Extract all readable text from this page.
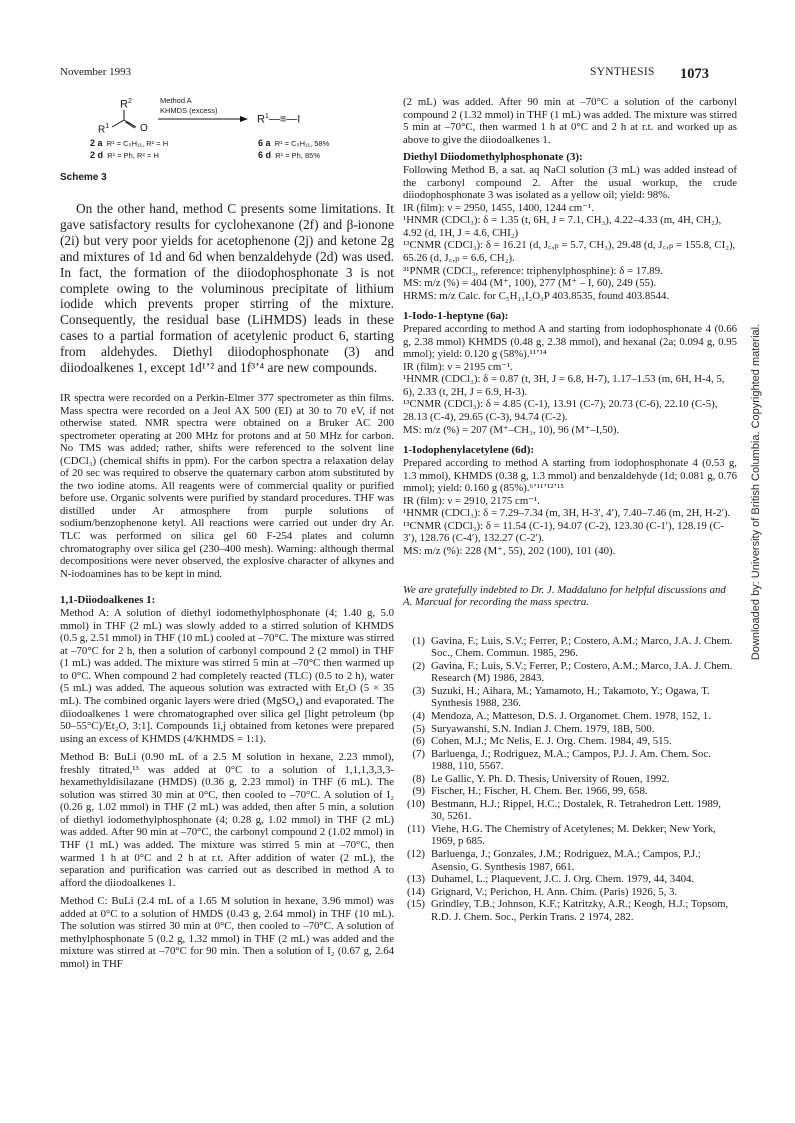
November 1993	SYNTHESIS 1073
$R^2$
$R^1$	O
Method A
KHMDS (excess)
$R^1—\equiv—I$
2 a R¹ = C₅H₁₁, R² = H
2 d R¹ = Ph, R² = H
6 a R¹ = C₅H₁₁, 58%
6 d R¹ = Ph, 85%
Scheme 3

On the other hand, method C presents some limitations. It gave satisfactory results for cyclohexanone (2f) and β-ionone (2i) but very poor yields for acetophenone (2j) and ketone 2g and mixtures of 1d and 6d when benzaldehyde (2d) was used. In fact, the formation of the diiodophosphonate 3 is not complete owing to the voluminous precipitate of lithium iodide which prevents proper stirring of the mixture. Consequently, the residual base (LiHMDS) leads in these cases to a partial formation of acetylenic product 6, starting from aldehydes. Diethyl diiodophosphonate (3) and diiodoalkenes 1, except 1d¹ʼ² and 1f³ʼ⁴ are new compounds.

IR spectra were recorded on a Perkin-Elmer 377 spectrometer as thin films. Mass spectra were recorded on a Jeol AX 500 (EI) at 30 to 70 eV, if not otherwise stated. NMR spectra were obtained on a Bruker AC 200 spectrometer operating at 200 MHz for protons and at 50 MHz for carbon. No TMS was added; rather, shifts were referenced to the solvent line (CDCl₃) (chemical shifts in ppm). For the carbon spectra a relaxation delay of 20 sec was required to observe the quaternary carbon atom substituted by the two iodine atoms. All reagents were of commercial quality or purified before use. Organic solvents were purified by standard procedures. THF was distilled under Ar atmosphere from purple solutions of sodium/benzophenone ketyl. All reactions were carried out under dry Ar. TLC was performed on silica gel 60 F-254 plates and column chromatography over silica gel (230–400 mesh). Warning: although thermal decompositions were never observed, the explosive character of alkynes and N-iodoamines has to be kept in mind.

1,1-Diiodoalkenes 1:

Method A: A solution of diethyl iodomethylphosphonate (4; 1.40 g, 5.0 mmol) in THF (2 mL) was slowly added to a stirred solution of KHMDS (0.5 g, 2.51 mmol) in THF (10 mL) cooled at –70°C. The mixture was stirred at –70°C for 2 h, then a solution of carbonyl compound 2 (2 mmol) in THF (1 mL) was added. The mixture was stirred 5 min at –70°C then warmed up to 0°C. When compound 2 had completely reacted (TLC) (0.5 to 2 h), water (5 mL) was added. The aqueous solution was extracted with Et₂O (5 × 35 mL). The combined organic layers were dried (MgSO₄) and evaporated. The diiodoalkenes 1 were chromatographed over silica gel [light petroleum (bp 50–55°C)/Et₂O, 3:1]. Compounds 1i,j obtained from ketones were prepared using an excess of KHMDS (4/KHMDS = 1:1).

Method B: BuLi (0.90 mL of a 2.5 M solution in hexane, 2.23 mmol), freshly titrated,¹³ was added at 0°C to a solution of 1,1,1,3,3,3-hexamethyldisilazane (HMDS) (0.36 g, 2.23 mmol) in THF (6 mL). The solution was stirred 30 min at 0°C, then cooled to –70°C. A solution of I₂ (0.26 g, 1.02 mmol) in THF (2 mL) was added, then after 5 min, a solution of diethyl iodomethylphosphonate (4; 0.28 g, 1.02 mmol) in THF (2 mL) was added. After 90 min at –70°C, the carbonyl compound 2 (1.02 mmol) in THF (1 mL) was added. The mixture was stirred 5 min at –70°C, then warmed 1 h at 0°C and 2 h at r.t. After addition of water (2 mL), the separation and purification was carried out as described in method A to afford the diiodoalkenes 1.

Method C: BuLi (2.4 mL of a 1.65 M solution in hexane, 3.96 mmol) was added at 0°C to a solution of HMDS (0.43 g, 2.64 mmol) in THF (10 mL). The solution was stirred 30 min at 0°C, then cooled to –70°C. A solution of methylphosphonate 5 (0.2 g, 1.32 mmol) in THF (2 mL) was added and the mixture was stirred at –70°C for 90 min. Then a solution of I₂ (0.67 g, 2.64 mmol) in THF

(2 mL) was added. After 90 min at –70°C a solution of the carbonyl compound 2 (1.32 mmol) in THF (1 mL) was added. The mixture was stirred 5 min at –70°C, then warmed 1 h at 0°C and 2 h at r.t. and worked up as above to give the diiodoalkenes 1.

Diethyl Diiodomethylphosphonate (3):

Following Method B, a sat. aq NaCl solution (3 mL) was added instead of the carbonyl compound 2. After the usual workup, the crude diiodophosphonate 3 was isolated as a yellow oil; yield: 98%.

IR (film): ν = 2950, 1455, 1400, 1244 cm⁻¹.
¹HNMR (CDCl₃): δ = 1.35 (t, 6H, J = 7.1, CH₃), 4.22–4.33 (m, 4H, CH₂), 4.92 (d, 1H, J = 4.6, CHI₂)
¹³CNMR (CDCl₃): δ = 16.21 (d, J꜀,ₚ = 5.7, CH₃), 29.48 (d, J꜀,ₚ = 155.8, CI₂), 65.26 (d, J꜀,ₚ = 6.6, CH₂).
³¹PNMR (CDCl₃, reference: triphenylphosphine): δ = 17.89.
MS: m/z (%) = 404 (M⁺, 100), 277 (M⁺ – I, 60), 249 (55).
HRMS: m/z Calc. for C₅H₁₁I₂O₃P 403.8535, found 403.8544.
1-Iodo-1-heptyne (6a):

Prepared according to method A and starting from iodophosphonate 4 (0.66 g, 2.38 mmol) KHMDS (0.48 g, 2.38 mmol), and hexanal (2a; 0.094 g, 0.95 mmol); yield: 0.120 g (58%).¹¹ʼ¹⁴

IR (film): ν = 2195 cm⁻¹.
¹HNMR (CDCl₃): δ = 0.87 (t, 3H, J = 6.8, H-7), 1.17–1.53 (m, 6H, H-4, 5, 6), 2.33 (t, 2H, J = 6.9, H-3).
¹³CNMR (CDCl₃): δ = 4.85 (C-1), 13.91 (C-7), 20.73 (C-6), 22.10 (C-5), 28.13 (C-4), 29.65 (C-3), 94.74 (C-2).
MS: m/z (%) = 207 (M⁺–CH₃, 10), 96 (M⁺–I,50).
1-Iodophenylacetylene (6d):

Prepared according to method A starting from iodophosphonate 4 (0.53 g, 1.3 mmol), KHMDS (0.38 g, 1.3 mmol) and benzaldehyde (1d; 0.081 g, 0.76 mmol); yield: 0.160 g (85%).⁶ʼ¹¹ʼ¹²ʼ¹⁵

IR (film): ν = 2910, 2175 cm⁻¹.
¹HNMR (CDCl₃): δ = 7.29–7.34 (m, 3H, H-3ʹ, 4ʹ), 7.40–7.46 (m, 2H, H-2ʹ).
¹³CNMR (CDCl₃): δ = 11.54 (C-1), 94.07 (C-2), 123.30 (C-1ʹ), 128.19 (C-3ʹ), 128.76 (C-4ʹ), 132.27 (C-2ʹ).
MS: m/z (%): 228 (M⁺, 55), 202 (100), 101 (40).
We are gratefully indebted to Dr. J. Maddaluno for helpful discussions and A. Marcual for recording the mass spectra.
(1) Gavina, F.; Luis, S.V.; Ferrer, P.; Costero, A.M.; Marco, J.A. J. Chem. Soc., Chem. Commun. 1985, 296.
(2) Gavina, F.; Luis, S.V.; Ferrer, P.; Costero, A.M.; Marco, J.A. J. Chem. Research (M) 1986, 2843.
(3) Suzuki, H.; Aihara, M.; Yamamoto, H.; Takamoto, Y.; Ogawa, T. Synthesis 1988, 236.
(4) Mendoza, A.; Matteson, D.S. J. Organomet. Chem. 1978, 152, 1.
(5) Suryawanshi, S.N. Indian J. Chem. 1979, 18B, 500.
(6) Cohen, M.J.; Mc Nelis, E. J. Org. Chem. 1984, 49, 515.
(7) Barluenga, J.; Rodriguez, M.A.; Campos, P.J. J. Am. Chem. Soc. 1988, 110, 5567.
(8) Le Gallic, Y. Ph. D. Thesis, University of Rouen, 1992.
(9) Fischer, H.; Fischer, H. Chem. Ber. 1966, 99, 658.
(10) Bestmann, H.J.; Rippel, H.C.; Dostalek, R. Tetrahedron Lett. 1989, 30, 5261.
(11) Viehe, H.G. The Chemistry of Acetylenes; M. Dekker; New York, 1969, p 685.
(12) Barluenga, J.; Gonzales, J.M.; Rodriguez, M.A.; Campos, P.J.; Asensio, G. Synthesis 1987, 661.
(13) Duhamel, L.; Plaquevent, J.C. J. Org. Chem. 1979, 44, 3404.
(14) Grignard, V.; Perichon, H. Ann. Chim. (Paris) 1926, 5, 3.
(15) Grindley, T.B.; Johnson, K.F.; Katritzky, A.R.; Keogh, H.J.; Topsom, R.D. J. Chem. Soc., Perkin Trans. 2 1974, 282.
Downloaded by: University of British Columbia. Copyrighted material.
